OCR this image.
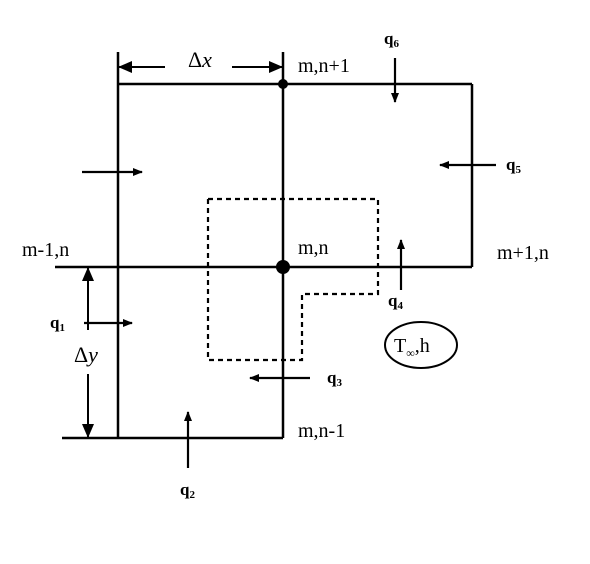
m,n+1
m,n
m-1,n	m+1,n
m,n-1
Δx
Δy
q1
q2
q3
q4
q5
q6
$T_\infty,h$
